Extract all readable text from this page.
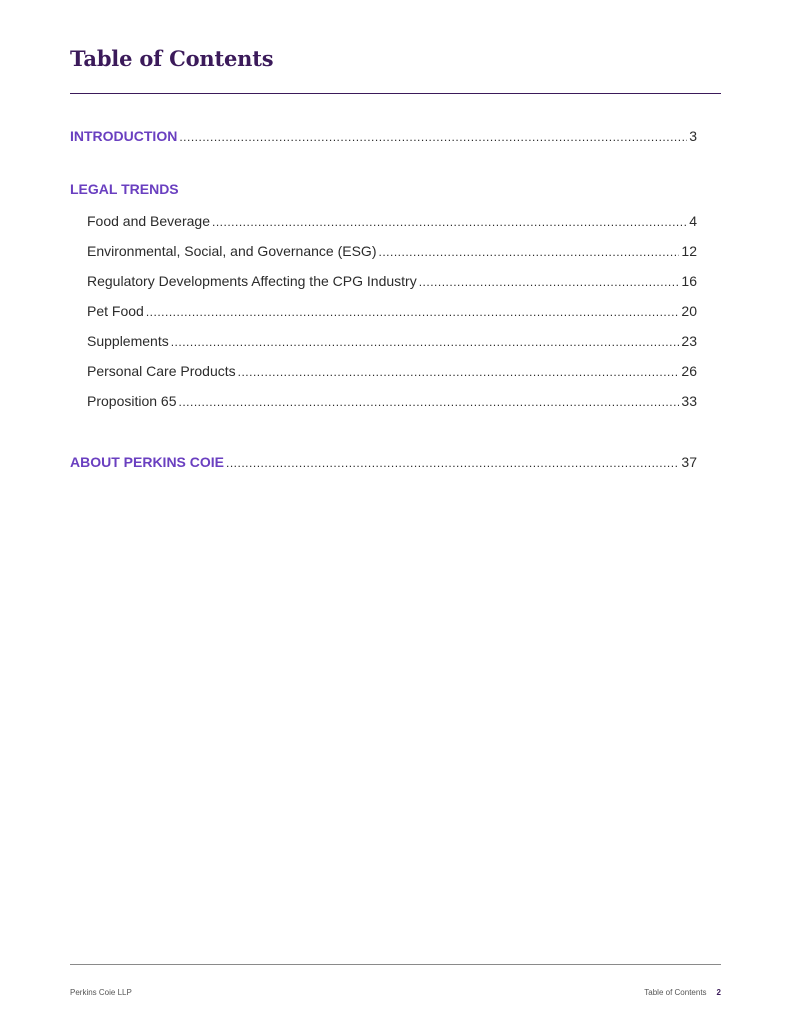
Table of Contents
INTRODUCTION .....	3
LEGAL TRENDS
Food and Beverage .....	4
Environmental, Social, and Governance (ESG) .....	12
Regulatory Developments Affecting the CPG Industry .....	16
Pet Food .....	20
Supplements .....	23
Personal Care Products .....	26
Proposition 65 .....	33
ABOUT PERKINS COIE .....	37
Perkins Coie LLP	Table of Contents 2
